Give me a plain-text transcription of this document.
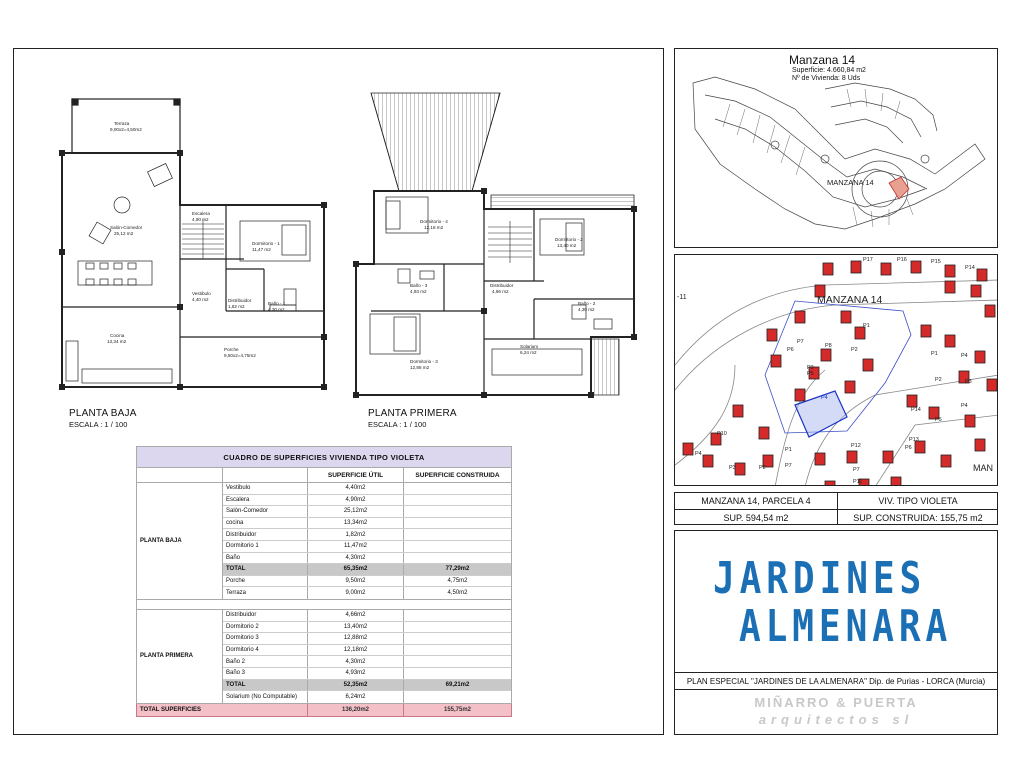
Terraza
9,00x2=4,50m2
Salón-Comedor
25,12 m2
Escalera
4,90 m2
Dormitorio - 1
11,47 m2
Vestibulo
4,40 m2	Distribuidor
1,82 m2
Baño - 1
4,30 m2
Cocina
13,34 m2
Porche
9,50x2=4,75m2
Dormitorio - 4
12,18 m2
Dormitorio - 2
13,40 m2
Baño - 3
4,93 m2
Distribuidor
4,66 m2
Baño - 2
4,30 m2
Solarium
6,24 m2
Dormitorio - 3
12,88 m2
PLANTA BAJA
ESCALA : 1 / 100
PLANTA PRIMERA
ESCALA : 1 / 100
CUADRO DE SUPERFICIES VIVIENDA TIPO VIOLETA
SUPERFICIE ÚTIL	SUPERFICIE CONSTRUIDA
PLANTA BAJA
Vestibulo	4,40m2
Escalera	4,90m2
Salón-Comedor	25,12m2
cocina	13,34m2
Distribuidor	1,82m2
Dormitorio 1	11,47m2
Baño	4,30m2
TOTAL	65,35m2	77,29m2
Porche	9,50m2	4,75m2
Terraza	9,00m2	4,50m2
PLANTA PRIMERA
Distribuidor	4,66m2
Dormitorio 2	13,40m2
Dormitorio 3	12,88m2
Dormitorio 4	12,18m2
Baño 2	4,30m2
Baño 3	4,93m2
TOTAL	52,35m2	69,21m2
Solarium (No Computable)	6,24m2
TOTAL SUPERFICIES	136,20m2	155,75m2
MANZANA 14
Manzana 14
Superficie: 4.660,84 m2
Nº de Vivienda: 8 Uds
P17	P16	P15
P14
P1
P7
P8
P2
P6
P3
P5
P4
P1
P2	P3
P4
P14
P5
P13
P6
P12
P7
P11
P10
P4
P3	P2
P1
P7
MANZANA 14
-11
MAN
P4
MANZANA 14, PARCELA 4	VIV. TIPO VIOLETA
SUP. 594,54 m2	SUP. CONSTRUIDA: 155,75 m2
JARDINES
ALMENARA
PLAN ESPECIAL "JARDINES DE LA ALMENARA" Dip. de Purias - LORCA (Murcia)
MIÑARRO & PUERTA
arquitectos sl
